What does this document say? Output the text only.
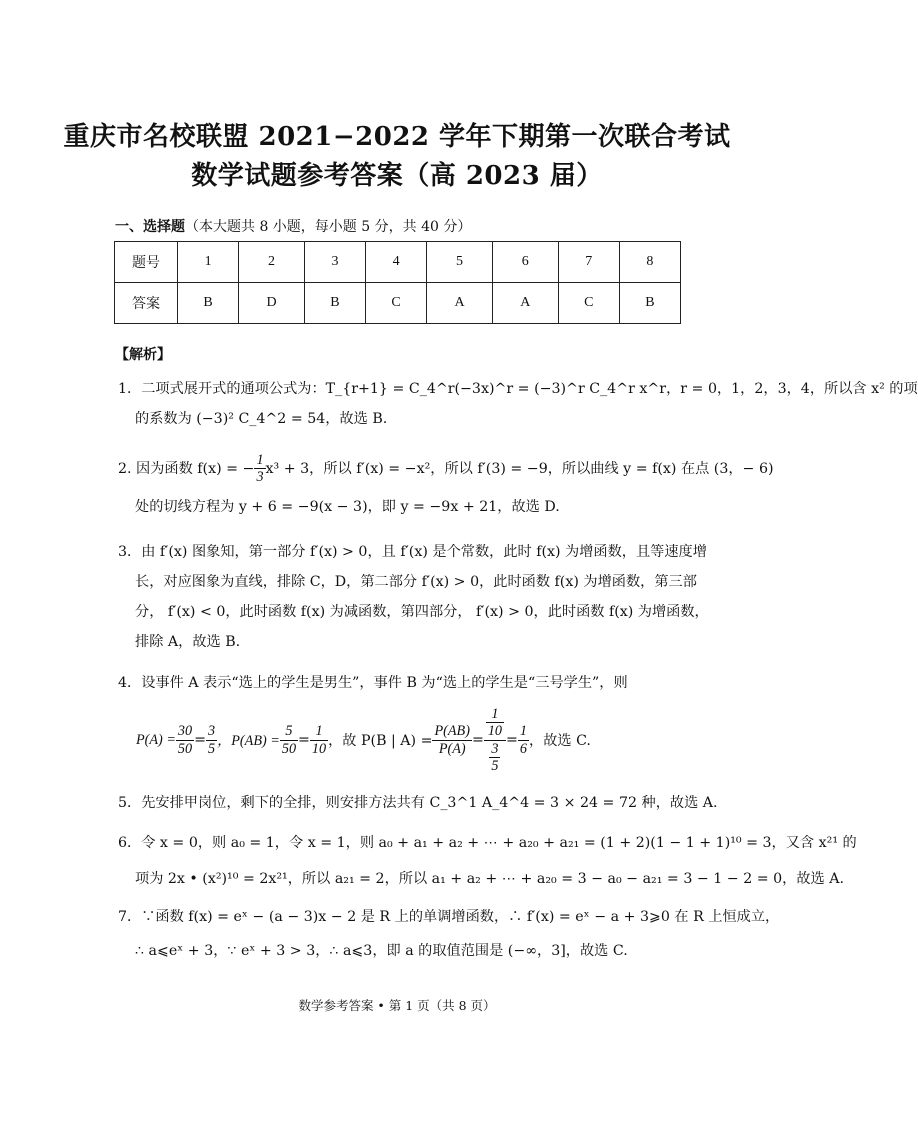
重庆市名校联盟 2021−2022 学年下期第一次联合考试
数学试题参考答案（高 2023 届）
一、选择题（本大题共 8 小题，每小题 5 分，共 40 分）
题号	1	2	3	4	5	6	7	8
答案	B	D	B	C	A	A	C	B
【解析】
1．二项式展开式的通项公式为：T_{r+1} = C_4^r(−3x)^r = (−3)^r C_4^r x^r，r = 0，1，2，3，4，所以含 x² 的项
的系数为 (−3)² C_4^2 = 54，故选 B.
2. 因为函数 f(x) = − $\frac{1}{3} x^3 + 3$，所以 f′(x) = −x²，所以 f′(3) = −9，所以曲线 y = f(x) 在点 (3，− 6)
处的切线方程为 y + 6 = −9(x − 3)，即 y = −9x + 21，故选 D.
3．由 f′(x) 图象知，第一部分 f′(x) > 0，且 f′(x) 是个常数，此时 f(x) 为增函数，且等速度增
长，对应图象为直线，排除 C，D，第二部分 f′(x) > 0，此时函数 f(x) 为增函数，第三部
分， f′(x) < 0，此时函数 f(x) 为减函数，第四部分， f′(x) > 0，此时函数 f(x) 为增函数，
排除 A，故选 B.
4．设事件 A 表示“选上的学生是男生”，事件 B 为“选上的学生是“三号学生”，则
$P(A) = \frac{30}{50} = \frac{3}{5}$ ，$P(AB) = \frac{5}{50} = \frac{1}{10}$ ，故 P(B | $A) = \frac{P(AB)}{P(A)} = \frac{\frac{1}{10}}{\frac{3}{5}} = \frac{1}{6}$ ，故选 C.
5．先安排甲岗位，剩下的全排，则安排方法共有 C_3^1 A_4^4 = 3 × 24 = 72 种，故选 A.
6．令 x = 0，则 a₀ = 1，令 x = 1，则 a₀ + a₁ + a₂ + ⋯ + a₂₀ + a₂₁ = (1 + 2)(1 − 1 + 1)¹⁰ = 3，又含 x²¹ 的
项为 2x • (x²)¹⁰ = 2x²¹，所以 a₂₁ = 2，所以 a₁ + a₂ + ⋯ + a₂₀ = 3 − a₀ − a₂₁ = 3 − 1 − 2 = 0，故选 A.
7．∵函数 f(x) = eˣ − (a − 3)x − 2 是 R 上的单调增函数，∴ f′(x) = eˣ − a + 3⩾0 在 R 上恒成立，
∴ a⩽eˣ + 3，∵ eˣ + 3 > 3，∴ a⩽3，即 a 的取值范围是 (−∞，3]，故选 C.
数学参考答案 • 第 1 页（共 8 页）
